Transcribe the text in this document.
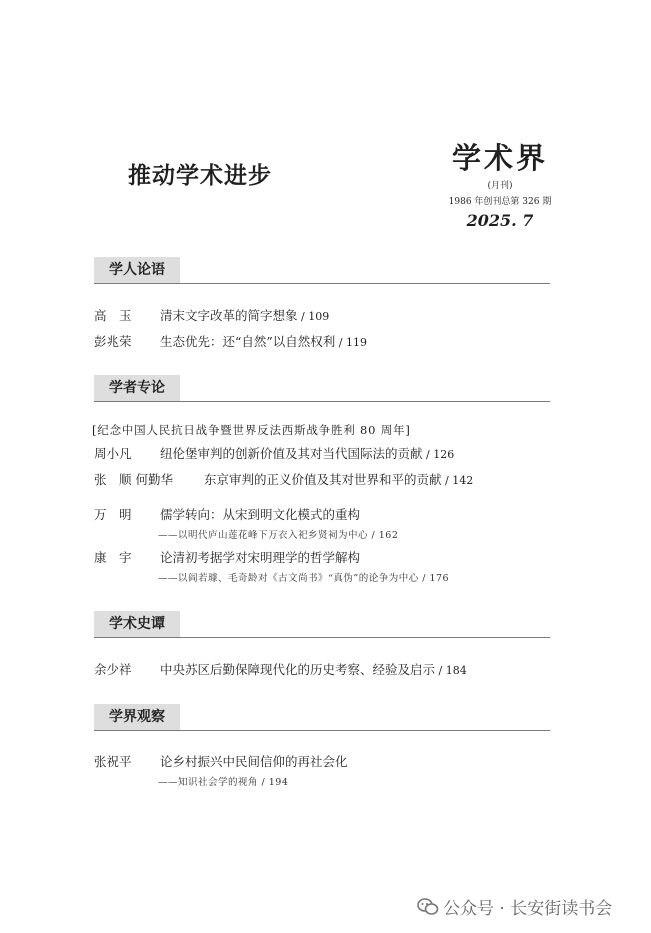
推动学术进步
学术界
(月刊)
1986 年创刊总第 326 期
2025. 7
学人论语
高　玉 清末文字改革的简字想象 / 109
彭兆荣 生态优先：还“自然”以自然权利 / 119
学者专论
[纪念中国人民抗日战争暨世界反法西斯战争胜利 80 周年]
周小凡 纽伦堡审判的创新价值及其对当代国际法的贡献 / 126
张　顺 何勤华 东京审判的正义价值及其对世界和平的贡献 / 142
万　明 儒学转向：从宋到明文化模式的重构
——以明代庐山莲花峰下万衣入祀乡贤祠为中心 / 162
康　宇 论清初考据学对宋明理学的哲学解构
——以阎若璩、毛奇龄对《古文尚书》“真伪”的论争为中心 / 176
学术史谭
余少祥 中央苏区后勤保障现代化的历史考察、经验及启示 / 184
学界观察
张祝平 论乡村振兴中民间信仰的再社会化
——知识社会学的视角 / 194
公众号 · 长安街读书会
